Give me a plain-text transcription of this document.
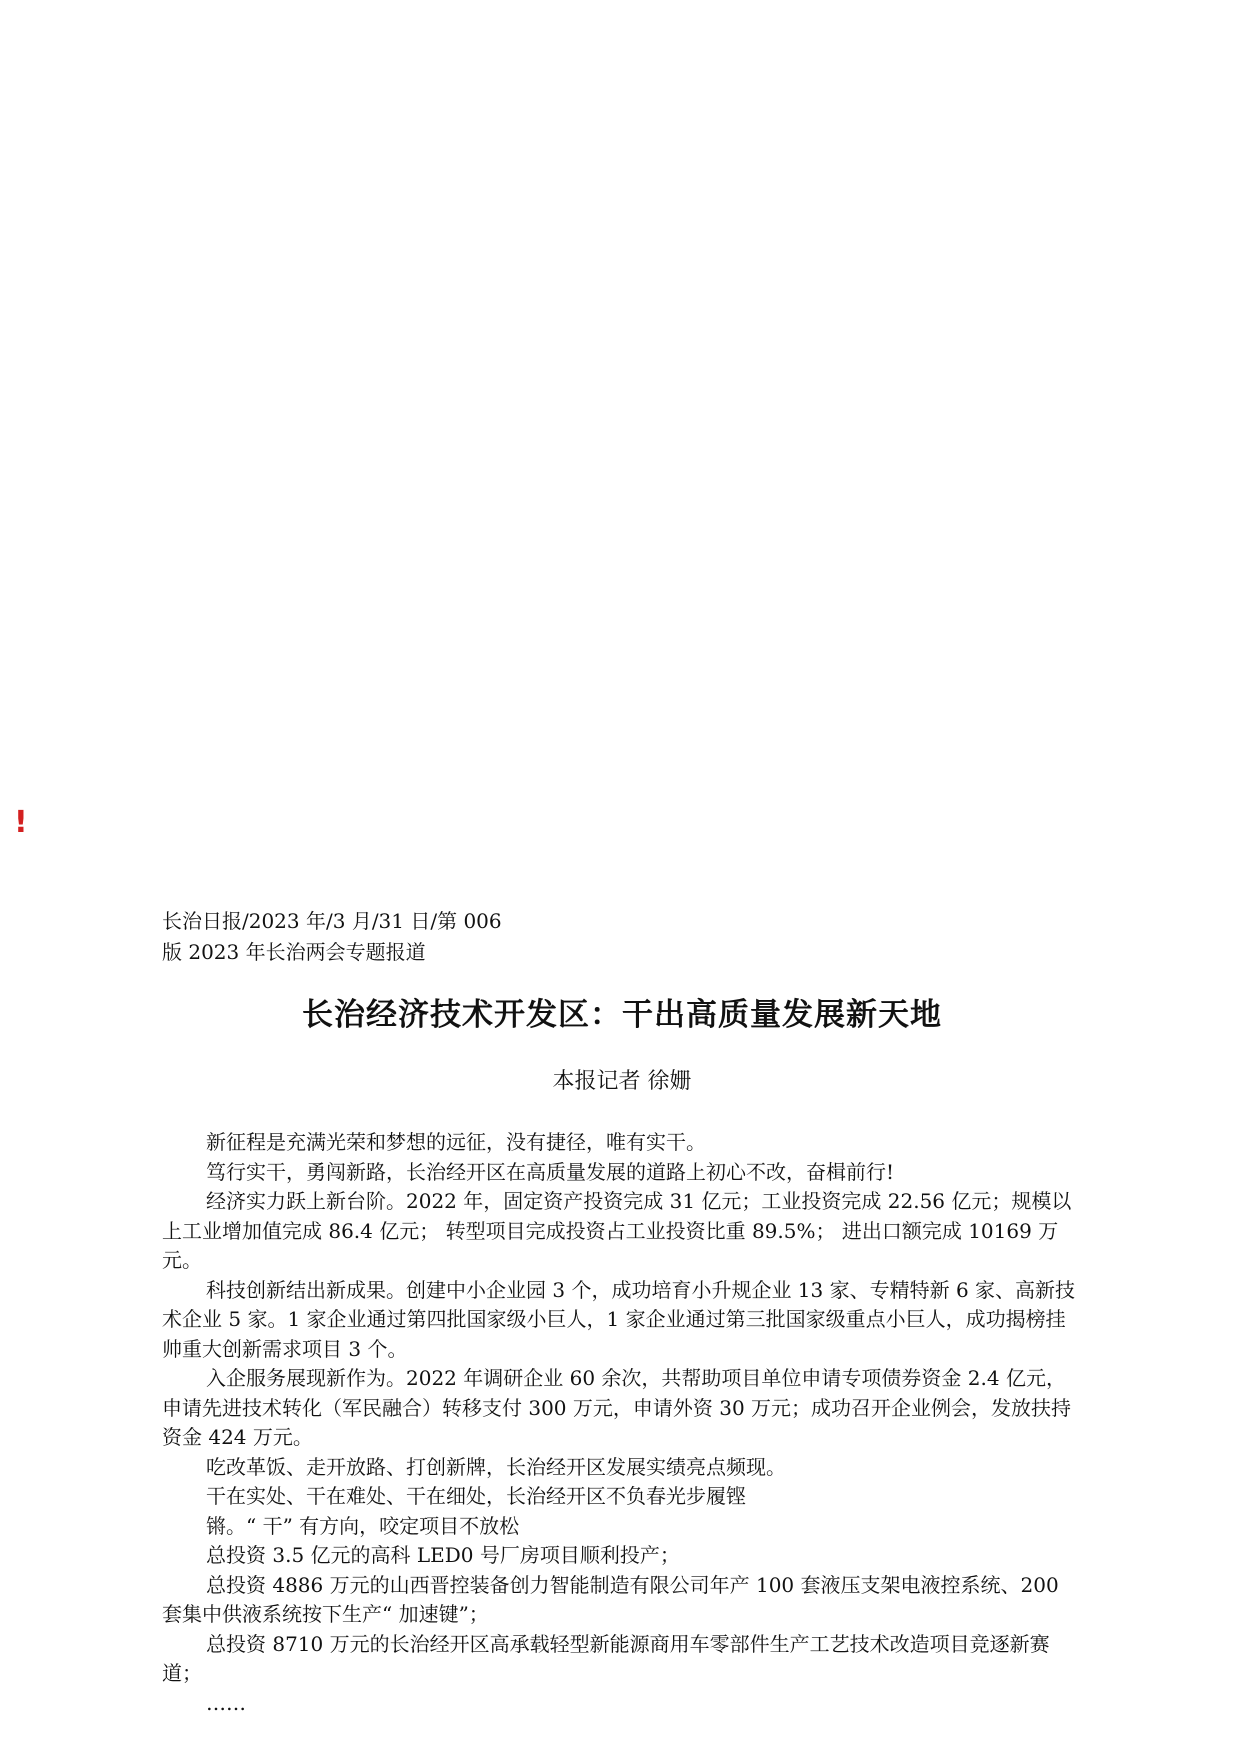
!
长治日报/2023 年/3 月/31 日/第 006
版 2023 年长治两会专题报道
长治经济技术开发区：干出高质量发展新天地
本报记者 徐姗

新征程是充满光荣和梦想的远征，没有捷径，唯有实干。

笃行实干，勇闯新路，长治经开区在高质量发展的道路上初心不改，奋楫前行!

经济实力跃上新台阶。2022 年，固定资产投资完成 31 亿元；工业投资完成 22.56 亿元；规模以上工业增加值完成 86.4 亿元； 转型项目完成投资占工业投资比重 89.5%； 进出口额完成 10169 万元。

科技创新结出新成果。创建中小企业园 3 个，成功培育小升规企业 13 家、专精特新 6 家、高新技术企业 5 家。1 家企业通过第四批国家级小巨人，1 家企业通过第三批国家级重点小巨人，成功揭榜挂帅重大创新需求项目 3 个。

入企服务展现新作为。2022 年调研企业 60 余次，共帮助项目单位申请专项债券资金 2.4 亿元，申请先进技术转化（军民融合）转移支付 300 万元，申请外资 30 万元；成功召开企业例会，发放扶持资金 424 万元。

吃改革饭、走开放路、打创新牌，长治经开区发展实绩亮点频现。

干在实处、干在难处、干在细处，长治经开区不负春光步履铿

锵。“ 干” 有方向，咬定项目不放松

总投资 3.5 亿元的高科 LED0 号厂房项目顺利投产；

总投资 4886 万元的山西晋控装备创力智能制造有限公司年产 100 套液压支架电液控系统、200 套集中供液系统按下生产“ 加速键”；

总投资 8710 万元的长治经开区高承载轻型新能源商用车零部件生产工艺技术改造项目竞逐新赛道；

……
